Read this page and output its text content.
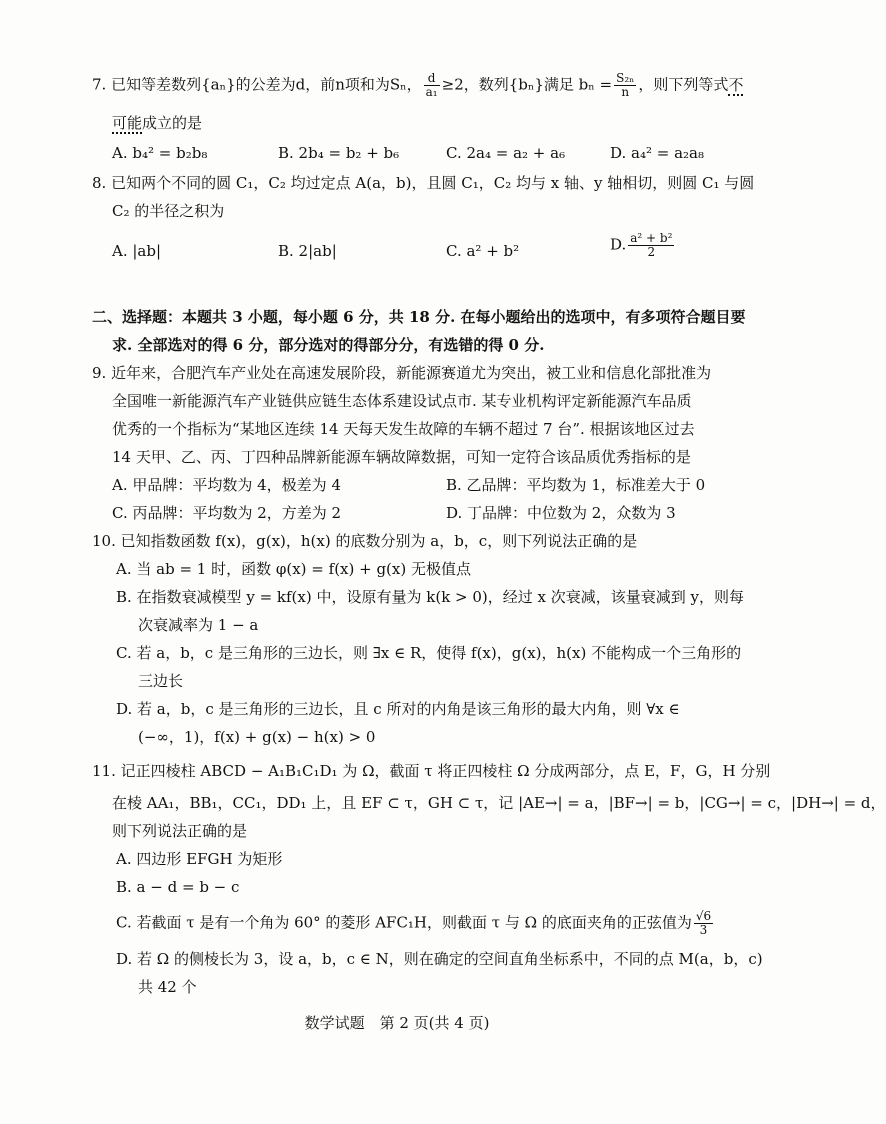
7. 已知等差数列{aₙ}的公差为d，前n项和为Sₙ， $\frac{d}{\text{a₁}} \ge 2$，数列{bₙ}满足 $b_n = \frac{\text{S₂ₙ}}{n}$ ，则下列等式不
可能成立的是
A. b₄² = b₂b₈	B. 2b₄ = b₂ + b₆	C. 2a₄ = a₂ + a₆	D. a₄² = a₂a₈
8. 已知两个不同的圆 C₁，C₂ 均过定点 A(a，b)，且圆 C₁，C₂ 均与 x 轴、y 轴相切，则圆 C₁ 与圆
C₂ 的半径之积为
A. |ab|	B. 2|ab|	C. a² + b²	D. $\frac{\text{a² + b²}}{2}$
二、选择题：本题共 3 小题，每小题 6 分，共 18 分. 在每小题给出的选项中，有多项符合题目要
求. 全部选对的得 6 分，部分选对的得部分分，有选错的得 0 分.
9. 近年来，合肥汽车产业处在高速发展阶段，新能源赛道尤为突出，被工业和信息化部批准为
全国唯一新能源汽车产业链供应链生态体系建设试点市. 某专业机构评定新能源汽车品质
优秀的一个指标为“某地区连续 14 天每天发生故障的车辆不超过 7 台”. 根据该地区过去
14 天甲、乙、丙、丁四种品牌新能源车辆故障数据，可知一定符合该品质优秀指标的是
A. 甲品牌：平均数为 4，极差为 4	B. 乙品牌：平均数为 1，标准差大于 0
C. 丙品牌：平均数为 2，方差为 2	D. 丁品牌：中位数为 2，众数为 3
10. 已知指数函数 f(x)，g(x)，h(x) 的底数分别为 a，b，c，则下列说法正确的是
A. 当 ab = 1 时，函数 φ(x) = f(x) + g(x) 无极值点
B. 在指数衰减模型 y = kf(x) 中，设原有量为 k(k > 0)，经过 x 次衰减，该量衰减到 y，则每
次衰减率为 1 − a
C. 若 a，b，c 是三角形的三边长，则 ∃x ∈ R，使得 f(x)，g(x)，h(x) 不能构成一个三角形的
三边长
D. 若 a，b，c 是三角形的三边长，且 c 所对的内角是该三角形的最大内角，则 ∀x ∈
(−∞，1)，f(x) + g(x) − h(x) > 0
11. 记正四棱柱 ABCD − A₁B₁C₁D₁ 为 Ω，截面 τ 将正四棱柱 Ω 分成两部分，点 E，F，G，H 分别
在棱 AA₁，BB₁，CC₁，DD₁ 上，且 EF ⊂ τ，GH ⊂ τ，记 |AE→| = a，|BF→| = b，|CG→| = c，|DH→| = d，
则下列说法正确的是
A. 四边形 EFGH 为矩形
B. a − d = b − c
C. 若截面 τ 是有一个角为 60° 的菱形 AFC₁H，则截面 τ 与 Ω 的底面夹角的正弦值为 $\frac{√6}{3}$
D. 若 Ω 的侧棱长为 3，设 a，b，c ∈ N，则在确定的空间直角坐标系中，不同的点 M(a，b，c)
共 42 个
数学试题　第 2 页(共 4 页)
